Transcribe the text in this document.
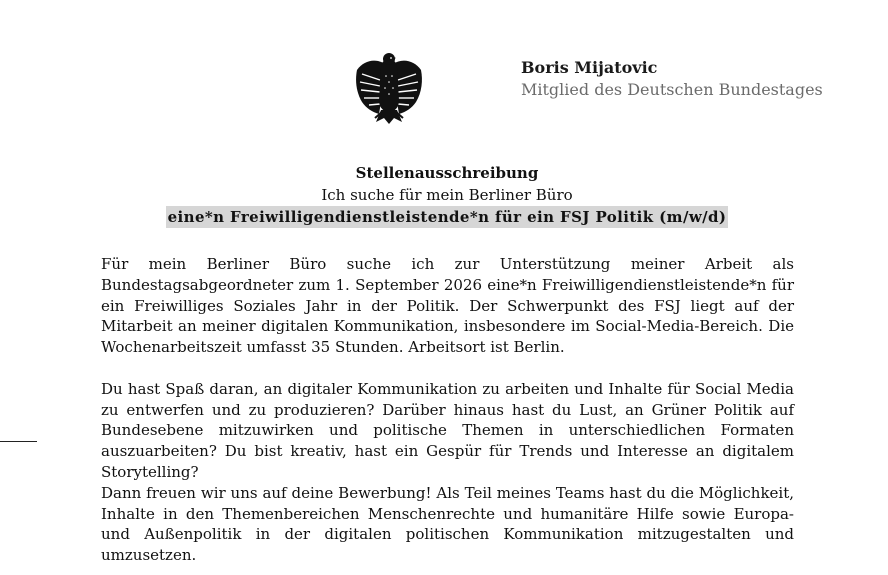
Boris Mijatovic
Mitglied des Deutschen Bundestages
Stellenausschreibung
Ich suche für mein Berliner Büro
eine*n Freiwilligendienstleistende*n für ein FSJ Politik (m/w/d)

Für mein Berliner Büro suche ich zur Unterstützung meiner Arbeit als Bundestagsabgeordneter zum 1. September 2026 eine*n Freiwilligendienstleistende*n für ein Freiwilliges Soziales Jahr in der Politik. Der Schwerpunkt des FSJ liegt auf der Mitarbeit an meiner digitalen Kommunikation, insbesondere im Social-Media-Bereich. Die Wochenarbeitszeit umfasst 35 Stunden. Arbeitsort ist Berlin.

Du hast Spaß daran, an digitaler Kommunikation zu arbeiten und Inhalte für Social Media zu entwerfen und zu produzieren? Darüber hinaus hast du Lust, an Grüner Politik auf Bundesebene mitzuwirken und politische Themen in unterschiedlichen Formaten auszuarbeiten? Du bist kreativ, hast ein Gespür für Trends und Interesse an digitalem Storytelling?

Dann freuen wir uns auf deine Bewerbung! Als Teil meines Teams hast du die Möglichkeit, Inhalte in den Themenbereichen Menschenrechte und humanitäre Hilfe sowie Europa- und Außenpolitik in der digitalen politischen Kommunikation mitzugestalten und umzusetzen.
